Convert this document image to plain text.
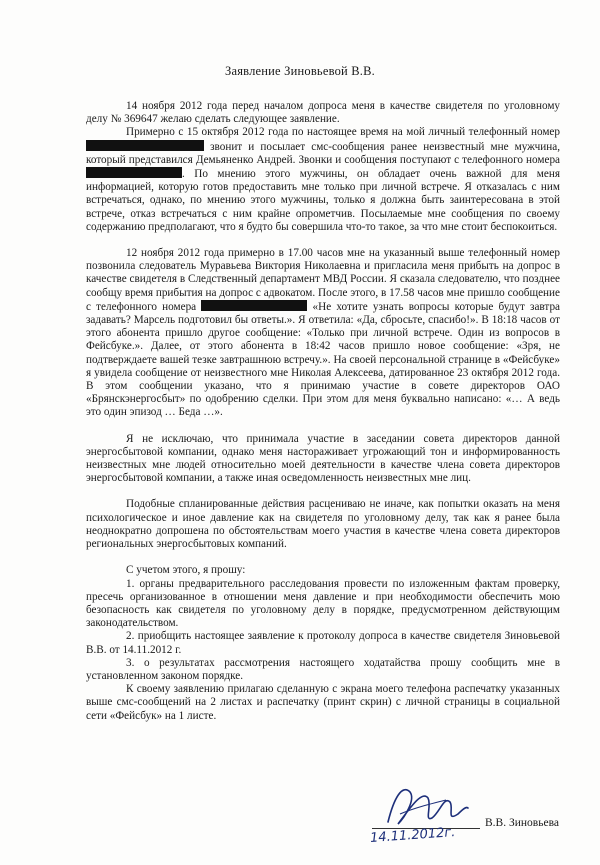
Заявление Зиновьевой В.В.

14 ноября 2012 года перед началом допроса меня в качестве свидетеля по уголовному делу № 369647 желаю сделать следующее заявление.

Примерно с 15 октября 2012 года по настоящее время на мой личный телефонный номер  звонит и посылает смс-сообщения ранее неизвестный мне мужчина, который представился Демьяненко Андрей. Звонки и сообщения поступают с телефонного номера . По мнению этого мужчины, он обладает очень важной для меня информацией, которую готов предоставить мне только при личной встрече. Я отказалась с ним встречаться, однако, по мнению этого мужчины, только я должна быть заинтересована в этой встрече, отказ встречаться с ним крайне опрометчив. Посылаемые мне сообщения по своему содержанию предполагают, что я будто бы совершила что-то такое, за что мне стоит беспокоиться.

12 ноября 2012 года примерно в 17.00 часов мне на указанный выше телефонный номер позвонила следователь Муравьева Виктория Николаевна и пригласила меня прибыть на допрос в качестве свидетеля в Следственный департамент МВД России. Я сказала следователю, что позднее сообщу время прибытия на допрос с адвокатом. После этого, в 17.58 часов мне пришло сообщение с телефонного номера	«Не хотите узнать вопросы которые будут завтра задавать? Марсель подготовил бы ответы.». Я ответила: «Да, сбросьте, спасибо!». В 18:18 часов от этого абонента пришло другое сообщение: «Только при личной встрече. Один из вопросов в Фейсбуке.». Далее, от этого абонента в 18:42 часов пришло новое сообщение: «Зря, не подтверждаете вашей тезке завтрашнюю встречу.». На своей персональной странице в «Фейсбуке» я увидела сообщение от неизвестного мне Николая Алексеева, датированное 23 октября 2012 года. В этом сообщении указано, что я принимаю участие в совете директоров ОАО «Брянскэнергосбыт» по одобрению сделки. При этом для меня буквально написано: «… А ведь это один эпизод … Беда …».

Я не исключаю, что принимала участие в заседании совета директоров данной энергосбытовой компании, однако меня настораживает угрожающий тон и информированность неизвестных мне людей относительно моей деятельности в качестве члена совета директоров энергосбытовой компании, а также иная осведомленность неизвестных мне лиц.

Подобные спланированные действия расцениваю не иначе, как попытки оказать на меня психологическое и иное давление как на свидетеля по уголовному делу, так как я ранее была неоднократно допрошена по обстоятельствам моего участия в качестве члена совета директоров региональных энергосбытовых компаний.

С учетом этого, я прошу:

1. органы предварительного расследования провести по изложенным фактам проверку, пресечь организованное в отношении меня давление и при необходимости обеспечить мою безопасность как свидетеля по уголовному делу в порядке, предусмотренном действующим законодательством.

2. приобщить настоящее заявление к протоколу допроса в качестве свидетеля Зиновьевой В.В. от 14.11.2012 г.

3. о результатах рассмотрения настоящего ходатайства прошу сообщить мне в установленном законом порядке.

К своему заявлению прилагаю сделанную с экрана моего телефона распечатку указанных выше смс-сообщений на 2 листах и распечатку (принт скрин) с личной страницы в социальной сети «Фейсбук» на 1 листе.

В.В. Зиновьева
14.11.2012г.
